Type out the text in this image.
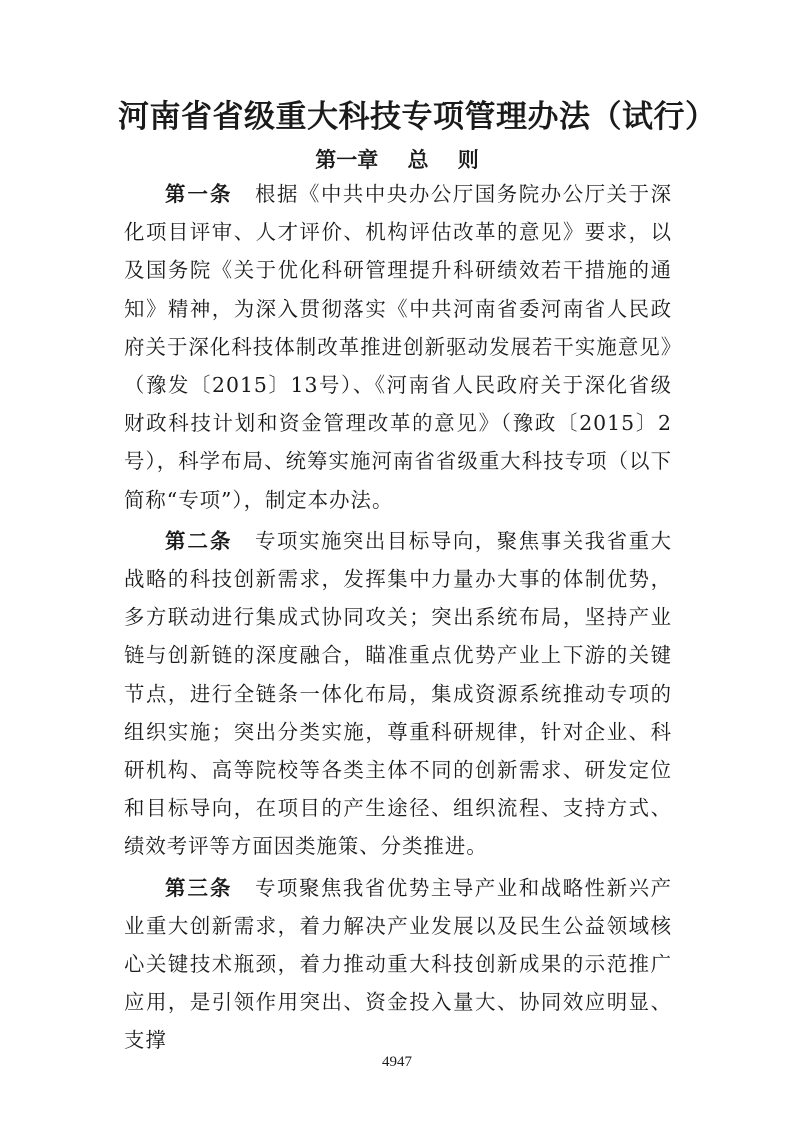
河南省省级重大科技专项管理办法（试行）
第一章    总    则

第一条 根据《中共中央办公厅国务院办公厅关于深化项目评审、人才评价、机构评估改革的意见》要求，以及国务院《关于优化科研管理提升科研绩效若干措施的通知》精神，为深入贯彻落实《中共河南省委河南省人民政府关于深化科技体制改革推进创新驱动发展若干实施意见》（豫发〔2015〕13号）、《河南省人民政府关于深化省级财政科技计划和资金管理改革的意见》（豫政〔2015〕2号），科学布局、统筹实施河南省省级重大科技专项（以下简称“专项”），制定本办法。

第二条 专项实施突出目标导向，聚焦事关我省重大战略的科技创新需求，发挥集中力量办大事的体制优势，多方联动进行集成式协同攻关；突出系统布局，坚持产业链与创新链的深度融合，瞄准重点优势产业上下游的关键节点，进行全链条一体化布局，集成资源系统推动专项的组织实施；突出分类实施，尊重科研规律，针对企业、科研机构、高等院校等各类主体不同的创新需求、研发定位和目标导向，在项目的产生途径、组织流程、支持方式、绩效考评等方面因类施策、分类推进。

第三条 专项聚焦我省优势主导产业和战略性新兴产业重大创新需求，着力解决产业发展以及民生公益领域核心关键技术瓶颈，着力推动重大科技创新成果的示范推广应用，是引领作用突出、资金投入量大、协同效应明显、支撑

4947
